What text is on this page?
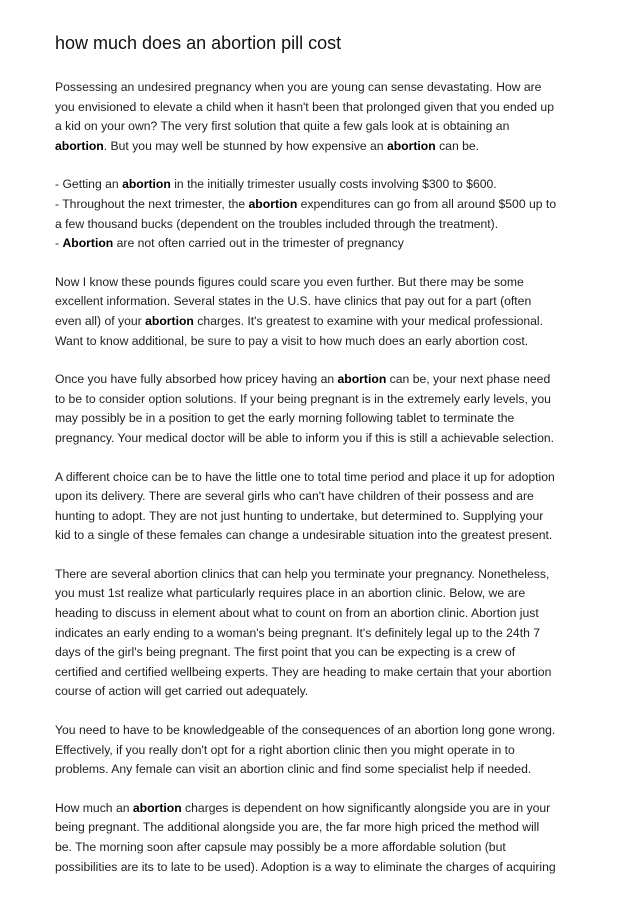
how much does an abortion pill cost

Possessing an undesired pregnancy when you are young can sense devastating. How are
you envisioned to elevate a child when it hasn't been that prolonged given that you ended up
a kid on your own? The very first solution that quite a few gals look at is obtaining an
abortion. But you may well be stunned by how expensive an abortion can be.

- Getting an abortion in the initially trimester usually costs involving $300 to $600.
- Throughout the next trimester, the abortion expenditures can go from all around $500 up to
a few thousand bucks (dependent on the troubles included through the treatment).
- Abortion are not often carried out in the trimester of pregnancy

Now I know these pounds figures could scare you even further. But there may be some
excellent information. Several states in the U.S. have clinics that pay out for a part (often
even all) of your abortion charges. It's greatest to examine with your medical professional.
Want to know additional, be sure to pay a visit to how much does an early abortion cost.

Once you have fully absorbed how pricey having an abortion can be, your next phase need
to be to consider option solutions. If your being pregnant is in the extremely early levels, you
may possibly be in a position to get the early morning following tablet to terminate the
pregnancy. Your medical doctor will be able to inform you if this is still a achievable selection.

A different choice can be to have the little one to total time period and place it up for adoption
upon its delivery. There are several girls who can't have children of their possess and are
hunting to adopt. They are not just hunting to undertake, but determined to. Supplying your
kid to a single of these females can change a undesirable situation into the greatest present.

There are several abortion clinics that can help you terminate your pregnancy. Nonetheless,
you must 1st realize what particularly requires place in an abortion clinic. Below, we are
heading to discuss in element about what to count on from an abortion clinic. Abortion just
indicates an early ending to a woman's being pregnant. It's definitely legal up to the 24th 7
days of the girl's being pregnant. The first point that you can be expecting is a crew of
certified and certified wellbeing experts. They are heading to make certain that your abortion
course of action will get carried out adequately.

You need to have to be knowledgeable of the consequences of an abortion long gone wrong.
Effectively, if you really don't opt for a right abortion clinic then you might operate in to
problems. Any female can visit an abortion clinic and find some specialist help if needed.

How much an abortion charges is dependent on how significantly alongside you are in your
being pregnant. The additional alongside you are, the far more high priced the method will
be. The morning soon after capsule may possibly be a more affordable solution (but
possibilities are its to late to be used). Adoption is a way to eliminate the charges of acquiring
